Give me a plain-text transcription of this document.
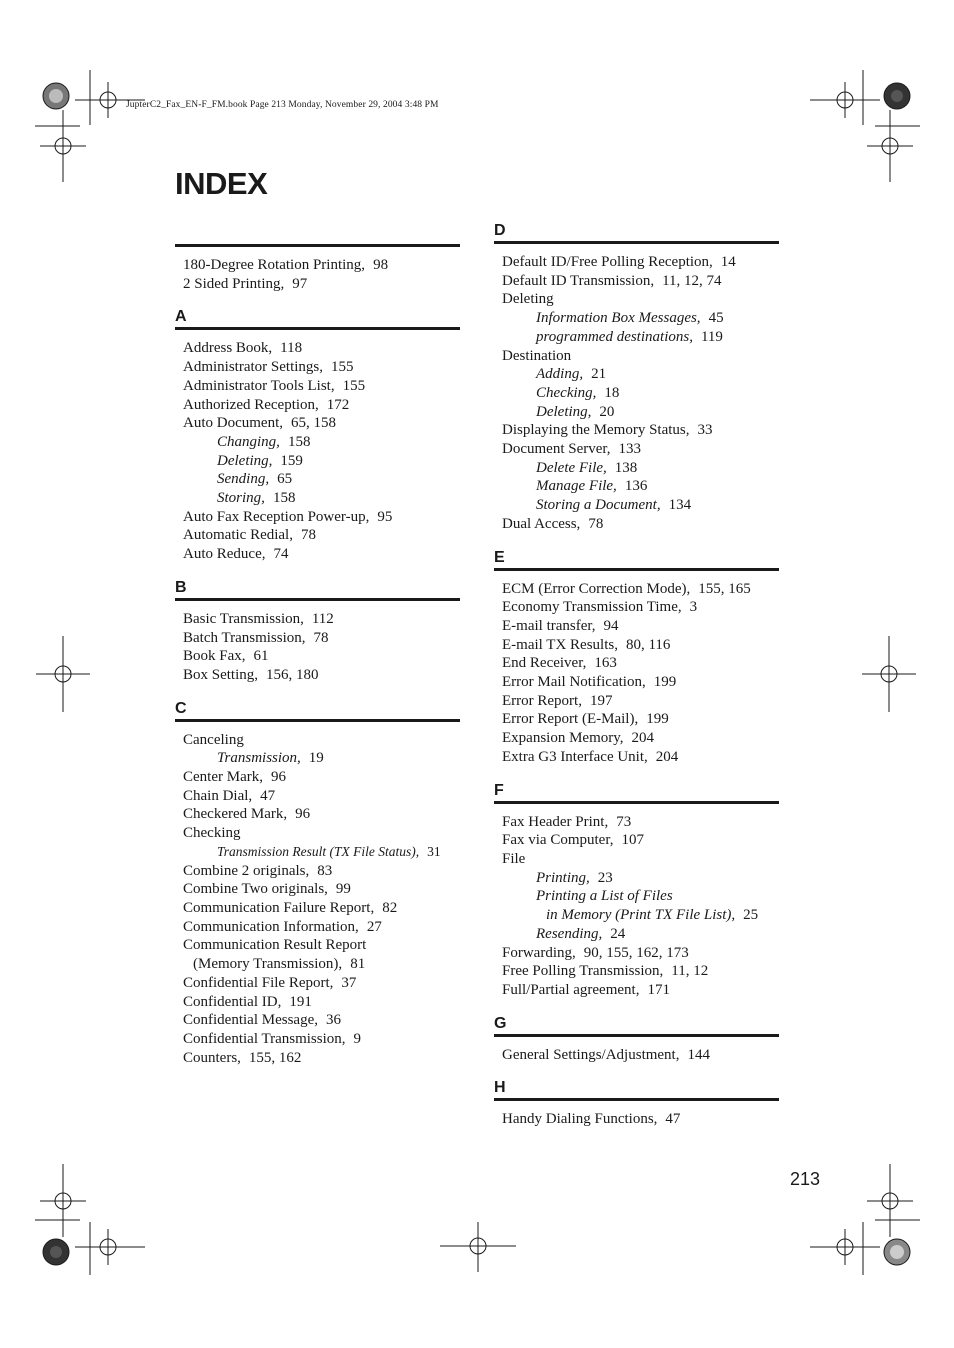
JupterC2_Fax_EN-F_FM.book Page 213 Monday, November 29, 2004 3:48 PM
INDEX
180-Degree Rotation Printing, 98
2 Sided Printing, 97
A
Address Book, 118
Administrator Settings, 155
Administrator Tools List, 155
Authorized Reception, 172
Auto Document, 65, 158
Changing, 158
Deleting, 159
Sending, 65
Storing, 158
Auto Fax Reception Power-up, 95
Automatic Redial, 78
Auto Reduce, 74
B
Basic Transmission, 112
Batch Transmission, 78
Book Fax, 61
Box Setting, 156, 180
C
Canceling
Transmission, 19
Center Mark, 96
Chain Dial, 47
Checkered Mark, 96
Checking
Transmission Result (TX File Status), 31
Combine 2 originals, 83
Combine Two originals, 99
Communication Failure Report, 82
Communication Information, 27
Communication Result Report
(Memory Transmission), 81
Confidential File Report, 37
Confidential ID, 191
Confidential Message, 36
Confidential Transmission, 9
Counters, 155, 162
D
Default ID/Free Polling Reception, 14
Default ID Transmission, 11, 12, 74
Deleting
Information Box Messages, 45
programmed destinations, 119
Destination
Adding, 21
Checking, 18
Deleting, 20
Displaying the Memory Status, 33
Document Server, 133
Delete File, 138
Manage File, 136
Storing a Document, 134
Dual Access, 78
E
ECM (Error Correction Mode), 155, 165
Economy Transmission Time, 3
E-mail transfer, 94
E-mail TX Results, 80, 116
End Receiver, 163
Error Mail Notification, 199
Error Report, 197
Error Report (E-Mail), 199
Expansion Memory, 204
Extra G3 Interface Unit, 204
F
Fax Header Print, 73
Fax via Computer, 107
File
Printing, 23
Printing a List of Files
in Memory (Print TX File List), 25
Resending, 24
Forwarding, 90, 155, 162, 173
Free Polling Transmission, 11, 12
Full/Partial agreement, 171
G
General Settings/Adjustment, 144
H
Handy Dialing Functions, 47
213
